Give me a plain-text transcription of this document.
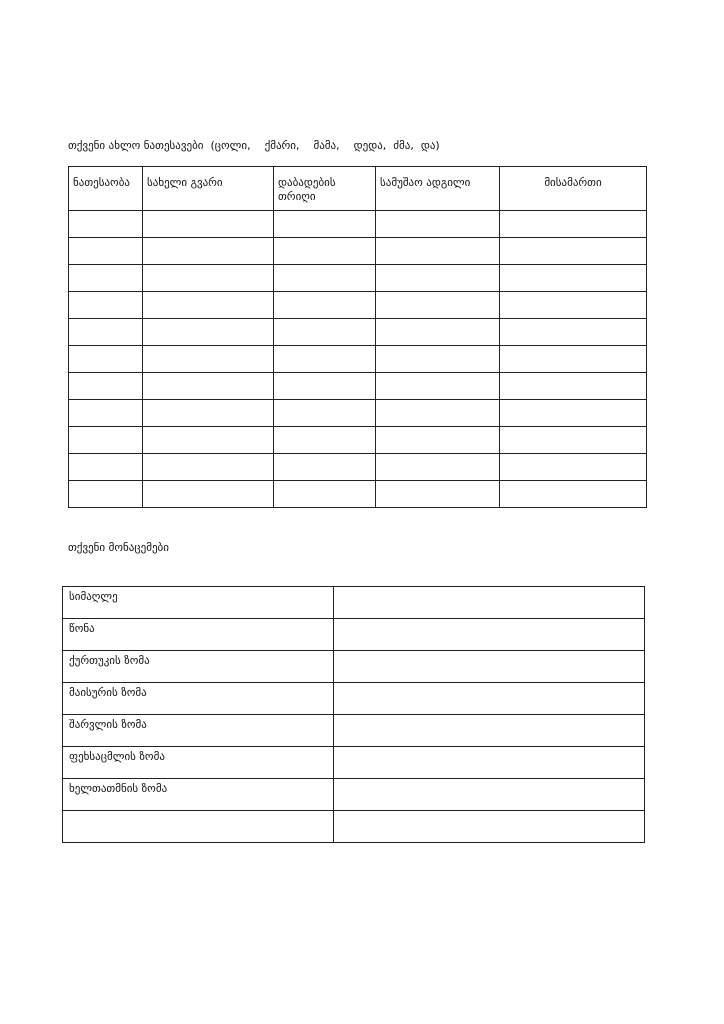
თქვენი ახლო ნათესავები  (ცოლი,    ქმარი,    მამა,    დედა,  ძმა,  და)
ნათესაობა	სახელი გვარი	დაბადების თრიღი	სამუშაო ადგილი	მისამართი

თქვენი მონაცემები
სიმაღლე	
წონა	
ქურთუკის ზომა	
მაისურის ზომა	
შარვლის ზომა	
ფეხსაცმლის ზომა	
ხელთათმნის ზომა	
